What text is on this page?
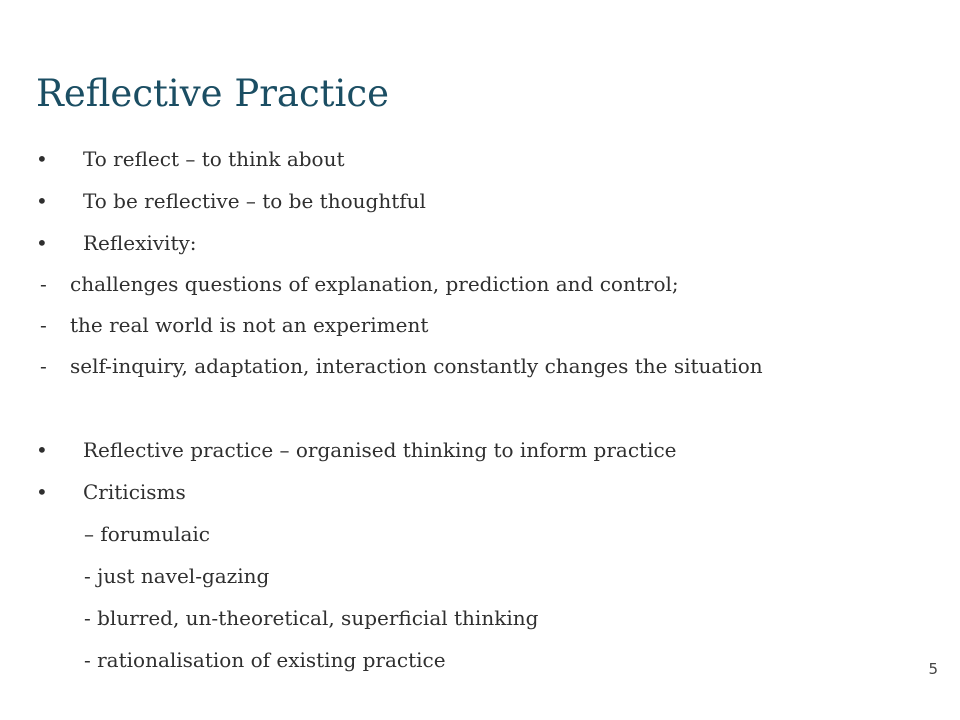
Reflective Practice
• To reflect – to think about
• To be reflective – to be thoughtful
• Reflexivity:
- challenges questions of explanation, prediction and control;
- the real world is not an experiment
- self-inquiry, adaptation, interaction constantly changes the situation
• Reflective practice – organised thinking to inform practice
• Criticisms
– forumulaic
- just navel-gazing
- blurred, un-theoretical, superficial thinking
- rationalisation of existing practice	5
